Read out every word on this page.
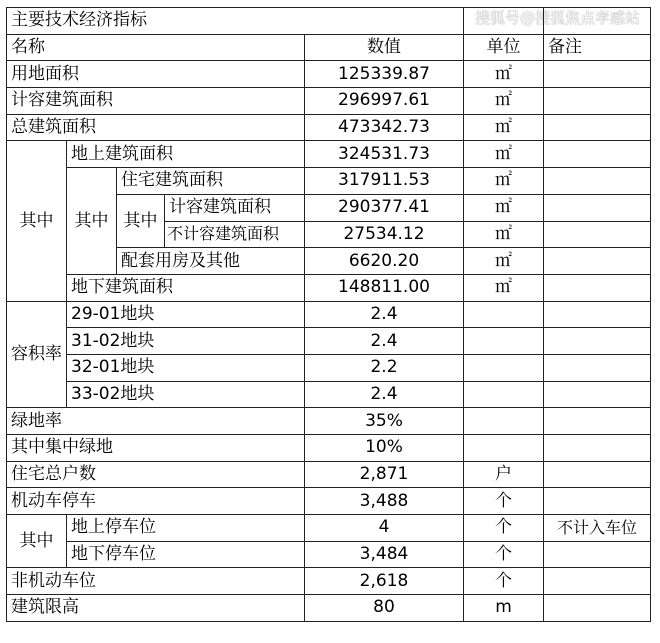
搜狐号@搜狐焦点孝感站
主要技术经济指标						
名称				数值	单位	备注
用地面积				125339.87	㎡	
计容建筑面积				296997.61	㎡	
总建筑面积				473342.73	㎡	
其中	地上建筑面积			324531.73	㎡	
	其中	住宅建筑面积		317911.53	㎡	
		其中	计容建筑面积	290377.41	㎡	
			不计容建筑面积	27534.12	㎡	
		配套用房及其他		6620.20	㎡	
	地下建筑面积			148811.00	㎡	
容积率	29-01地块			2.4		
	31-02地块			2.4		
	32-01地块			2.2		
	33-02地块			2.4		
绿地率				35%		
其中集中绿地				10%		
住宅总户数				2,871	户	
机动车停车				3,488	个	
其中	地上停车位			4	个	不计入车位
	地下停车位			3,484	个	
非机动车位				2,618	个	
建筑限高				80	m	
